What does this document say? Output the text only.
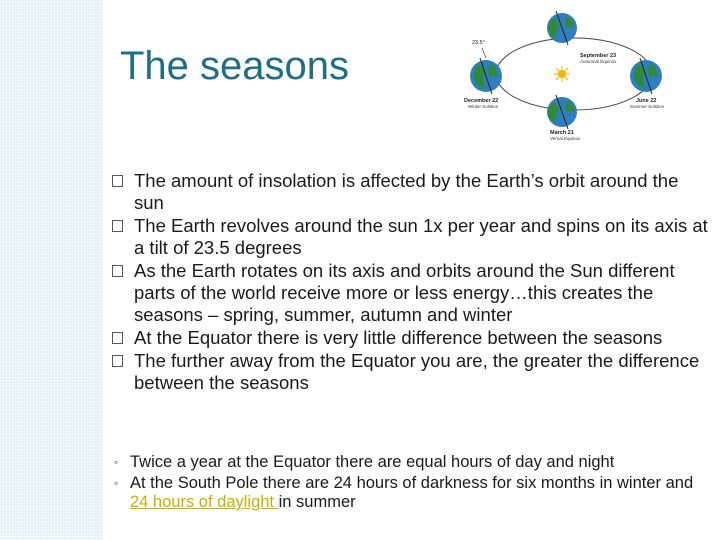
The seasons
23.5°
September 23
Autumnal Equinox
December 22
Winter Solstice
June 22
Summer Solstice
March 21
Vernal Equinox
The amount of insolation is affected by the Earth’s orbit around the sun
The Earth revolves around the sun 1x per year and spins on its axis at a tilt of 23.5 degrees
As the Earth rotates on its axis and orbits around the Sun different parts of the world receive more or less energy…this creates the seasons – spring, summer, autumn and winter
At the Equator there is very little difference between the seasons
The further away from the Equator you are, the greater the difference between the seasons
◦ Twice a year at the Equator there are equal hours of day and night
◦ At the South Pole there are 24 hours of darkness for six months in winter and 24 hours of daylight in summer
